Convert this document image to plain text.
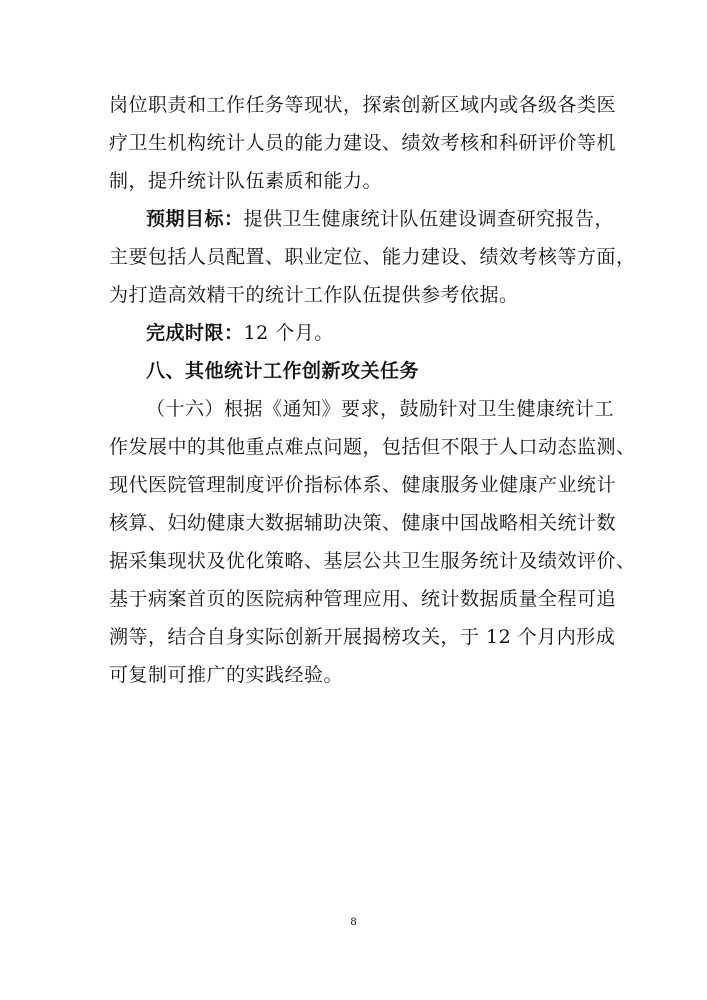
岗位职责和工作任务等现状，探索创新区域内或各级各类医
疗卫生机构统计人员的能力建设、绩效考核和科研评价等机
制，提升统计队伍素质和能力。
预期目标：提供卫生健康统计队伍建设调查研究报告，
主要包括人员配置、职业定位、能力建设、绩效考核等方面，
为打造高效精干的统计工作队伍提供参考依据。
完成时限：12 个月。
八、其他统计工作创新攻关任务
（十六）根据《通知》要求，鼓励针对卫生健康统计工
作发展中的其他重点难点问题，包括但不限于人口动态监测、
现代医院管理制度评价指标体系、健康服务业健康产业统计
核算、妇幼健康大数据辅助决策、健康中国战略相关统计数
据采集现状及优化策略、基层公共卫生服务统计及绩效评价、
基于病案首页的医院病种管理应用、统计数据质量全程可追
溯等，结合自身实际创新开展揭榜攻关，于 12 个月内形成
可复制可推广的实践经验。
8
